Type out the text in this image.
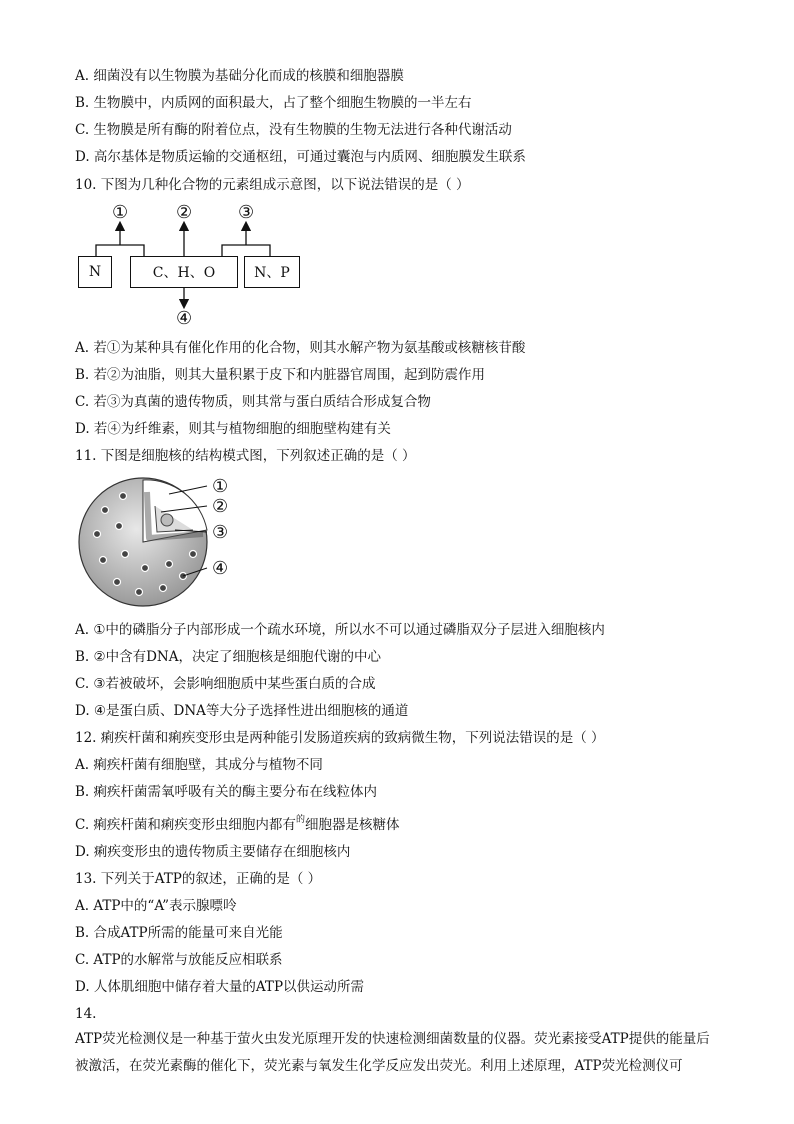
A. 细菌没有以生物膜为基础分化而成的核膜和细胞器膜
B. 生物膜中，内质网的面积最大，占了整个细胞生物膜的一半左右
C. 生物膜是所有酶的附着位点，没有生物膜的生物无法进行各种代谢活动
D. 高尔基体是物质运输的交通枢纽，可通过囊泡与内质网、细胞膜发生联系
10. 下图为几种化合物的元素组成示意图，以下说法错误的是（ ）
①	②	③
N	C、H、O	N、P
④
A. 若①为某种具有催化作用的化合物，则其水解产物为氨基酸或核糖核苷酸
B. 若②为油脂，则其大量积累于皮下和内脏器官周围，起到防震作用
C. 若③为真菌的遗传物质，则其常与蛋白质结合形成复合物
D. 若④为纤维素，则其与植物细胞的细胞壁构建有关
11. 下图是细胞核的结构模式图，下列叙述正确的是（ ）
①
②
③
④
A. ①中的磷脂分子内部形成一个疏水环境，所以水不可以通过磷脂双分子层进入细胞核内
B. ②中含有DNA，决定了细胞核是细胞代谢的中心
C. ③若被破坏，会影响细胞质中某些蛋白质的合成
D. ④是蛋白质、DNA等大分子选择性进出细胞核的通道
12. 痢疾杆菌和痢疾变形虫是两种能引发肠道疾病的致病微生物，下列说法错误的是（ ）
A. 痢疾杆菌有细胞壁，其成分与植物不同
B. 痢疾杆菌需氧呼吸有关的酶主要分布在线粒体内
C. 痢疾杆菌和痢疾变形虫细胞内都有$^的$细胞器是核糖体
D. 痢疾变形虫的遗传物质主要储存在细胞核内
13. 下列关于ATP的叙述，正确的是（ ）
A. ATP中的“A”表示腺嘌呤
B. 合成ATP所需的能量可来自光能
C. ATP的水解常与放能反应相联系
D. 人体肌细胞中储存着大量的ATP以供运动所需
14.
ATP荧光检测仪是一种基于萤火虫发光原理开发的快速检测细菌数量的仪器。荧光素接受ATP提供的能量后被激活，在荧光素酶的催化下，荧光素与氧发生化学反应发出荧光。利用上述原理，ATP荧光检测仪可
